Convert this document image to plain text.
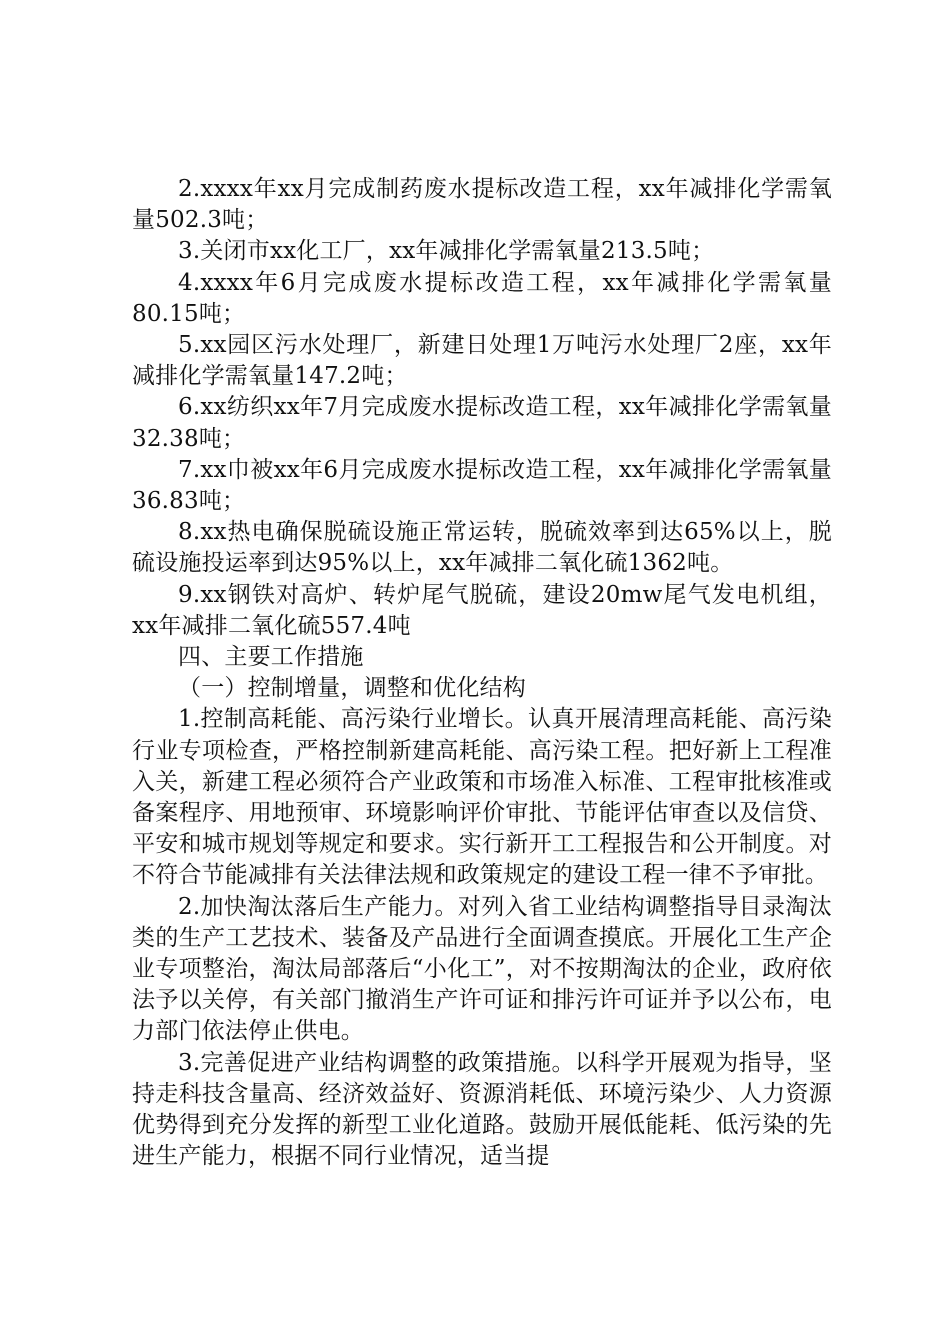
2.xxxx年xx月完成制药废水提标改造工程，xx年减排化学需氧量502.3吨；

3.关闭市xx化工厂，xx年减排化学需氧量213.5吨；

4.xxxx年6月完成废水提标改造工程，xx年减排化学需氧量80.15吨；

5.xx园区污水处理厂，新建日处理1万吨污水处理厂2座，xx年减排化学需氧量147.2吨；

6.xx纺织xx年7月完成废水提标改造工程，xx年减排化学需氧量32.38吨；

7.xx巾被xx年6月完成废水提标改造工程，xx年减排化学需氧量36.83吨；

8.xx热电确保脱硫设施正常运转，脱硫效率到达65%以上，脱硫设施投运率到达95%以上，xx年减排二氧化硫1362吨。

9.xx钢铁对高炉、转炉尾气脱硫，建设20mw尾气发电机组，xx年减排二氧化硫557.4吨

四、主要工作措施

（一）控制增量，调整和优化结构

1.控制高耗能、高污染行业增长。认真开展清理高耗能、高污染行业专项检查，严格控制新建高耗能、高污染工程。把好新上工程准入关，新建工程必须符合产业政策和市场准入标准、工程审批核准或备案程序、用地预审、环境影响评价审批、节能评估审查以及信贷、平安和城市规划等规定和要求。实行新开工工程报告和公开制度。对不符合节能减排有关法律法规和政策规定的建设工程一律不予审批。

2.加快淘汰落后生产能力。对列入省工业结构调整指导目录淘汰类的生产工艺技术、装备及产品进行全面调查摸底。开展化工生产企业专项整治，淘汰局部落后“小化工”，对不按期淘汰的企业，政府依法予以关停，有关部门撤消生产许可证和排污许可证并予以公布，电力部门依法停止供电。

3.完善促进产业结构调整的政策措施。以科学开展观为指导，坚持走科技含量高、经济效益好、资源消耗低、环境污染少、人力资源优势得到充分发挥的新型工业化道路。鼓励开展低能耗、低污染的先进生产能力，根据不同行业情况，适当提
